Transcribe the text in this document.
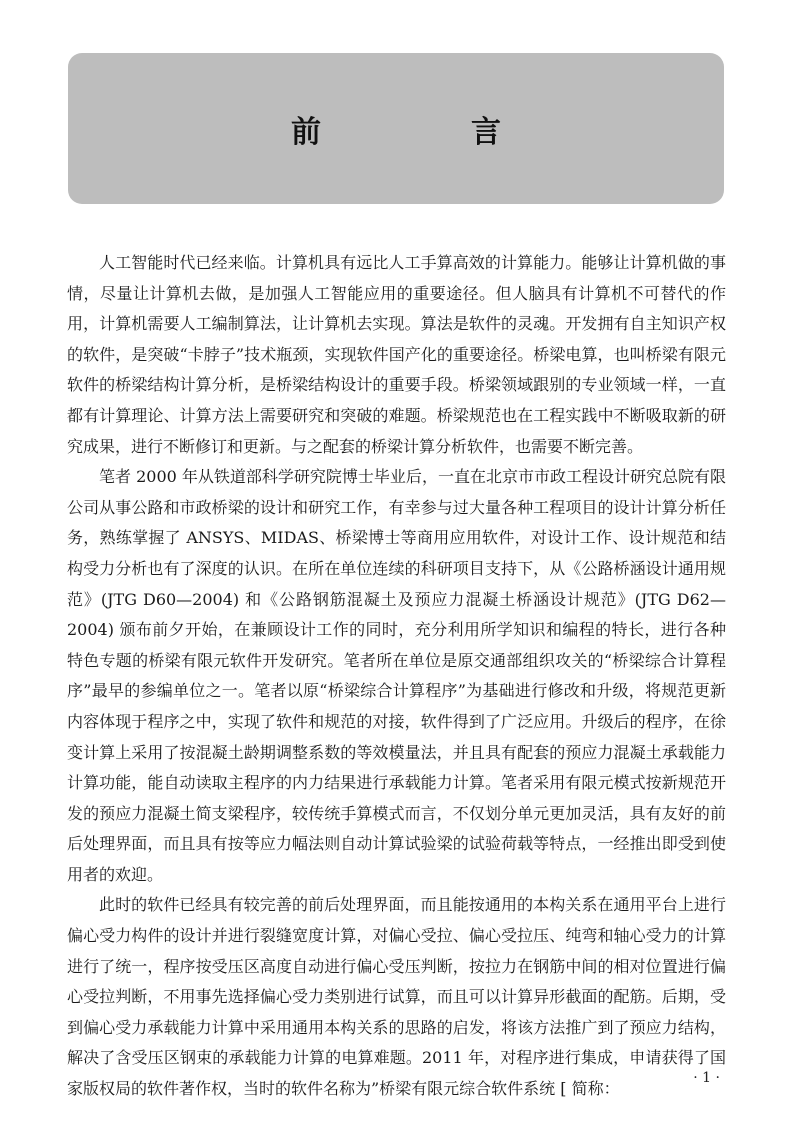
前　言

人工智能时代已经来临。计算机具有远比人工手算高效的计算能力。能够让计算机做的事情，尽量让计算机去做，是加强人工智能应用的重要途径。但人脑具有计算机不可替代的作用，计算机需要人工编制算法，让计算机去实现。算法是软件的灵魂。开发拥有自主知识产权的软件，是突破“卡脖子”技术瓶颈，实现软件国产化的重要途径。桥梁电算，也叫桥梁有限元软件的桥梁结构计算分析，是桥梁结构设计的重要手段。桥梁领域跟别的专业领域一样，一直都有计算理论、计算方法上需要研究和突破的难题。桥梁规范也在工程实践中不断吸取新的研究成果，进行不断修订和更新。与之配套的桥梁计算分析软件，也需要不断完善。

笔者 2000 年从铁道部科学研究院博士毕业后，一直在北京市市政工程设计研究总院有限公司从事公路和市政桥梁的设计和研究工作，有幸参与过大量各种工程项目的设计计算分析任务，熟练掌握了 ANSYS、MIDAS、桥梁博士等商用应用软件，对设计工作、设计规范和结构受力分析也有了深度的认识。在所在单位连续的科研项目支持下，从《公路桥涵设计通用规范》(JTG D60—2004) 和《公路钢筋混凝土及预应力混凝土桥涵设计规范》(JTG D62—2004) 颁布前夕开始，在兼顾设计工作的同时，充分利用所学知识和编程的特长，进行各种特色专题的桥梁有限元软件开发研究。笔者所在单位是原交通部组织攻关的“桥梁综合计算程序”最早的参编单位之一。笔者以原“桥梁综合计算程序”为基础进行修改和升级，将规范更新内容体现于程序之中，实现了软件和规范的对接，软件得到了广泛应用。升级后的程序，在徐变计算上采用了按混凝土龄期调整系数的等效模量法，并且具有配套的预应力混凝土承载能力计算功能，能自动读取主程序的内力结果进行承载能力计算。笔者采用有限元模式按新规范开发的预应力混凝土简支梁程序，较传统手算模式而言，不仅划分单元更加灵活，具有友好的前后处理界面，而且具有按等应力幅法则自动计算试验梁的试验荷载等特点，一经推出即受到使用者的欢迎。

此时的软件已经具有较完善的前后处理界面，而且能按通用的本构关系在通用平台上进行偏心受力构件的设计并进行裂缝宽度计算，对偏心受拉、偏心受拉压、纯弯和轴心受力的计算进行了统一，程序按受压区高度自动进行偏心受压判断，按拉力在钢筋中间的相对位置进行偏心受拉判断，不用事先选择偏心受力类别进行试算，而且可以计算异形截面的配筋。后期，受到偏心受力承载能力计算中采用通用本构关系的思路的启发，将该方法推广到了预应力结构，解决了含受压区钢束的承载能力计算的电算难题。2011 年，对程序进行集成，申请获得了国家版权局的软件著作权，当时的软件名称为”桥梁有限元综合软件系统 [ 简称：

· 1 ·
